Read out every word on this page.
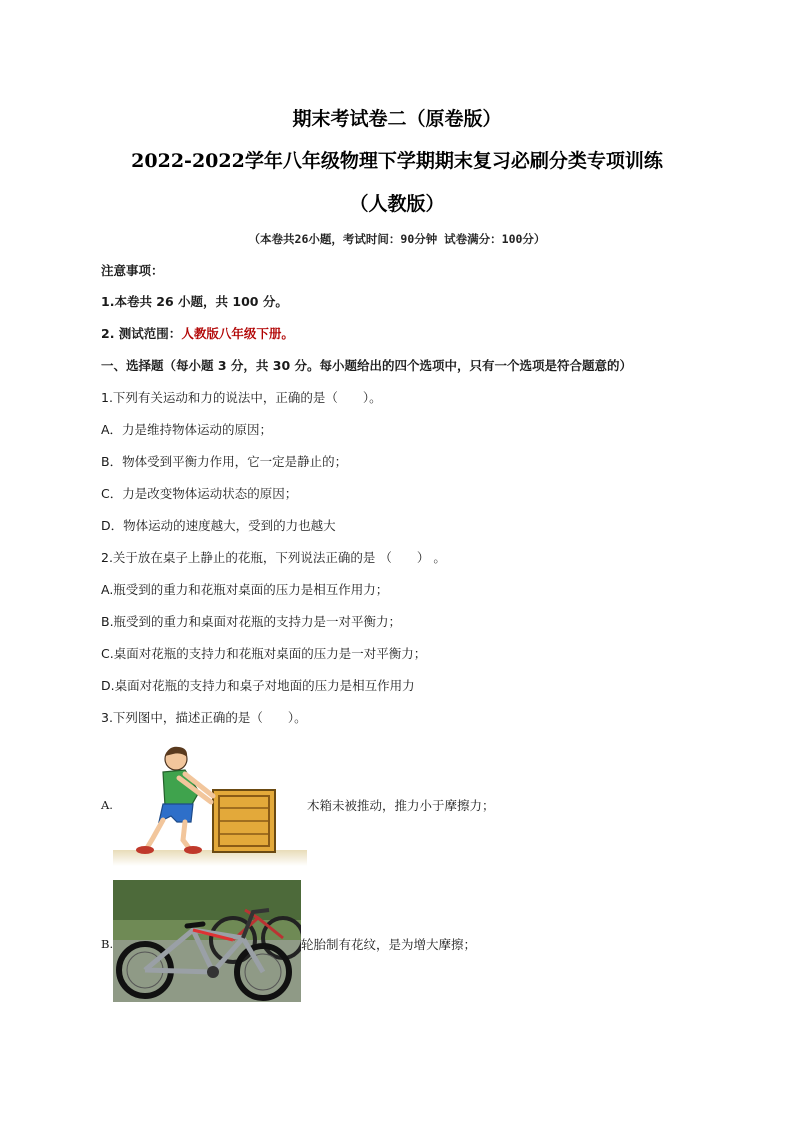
期末考试卷二（原卷版）
2022-2022学年八年级物理下学期期末复习必刷分类专项训练
（人教版）
（本卷共26小题，考试时间：90分钟 试卷满分：100分）
注意事项：
1.本卷共 26 小题，共 100 分。
2. 测试范围：人教版八年级下册。
一、选择题（每小题 3 分，共 30 分。每小题给出的四个选项中，只有一个选项是符合题意的）
1.下列有关运动和力的说法中，正确的是（　　）。
A．力是维持物体运动的原因；
B．物体受到平衡力作用，它一定是静止的；
C．力是改变物体运动状态的原因；
D．物体运动的速度越大，受到的力也越大
2.关于放在桌子上静止的花瓶，下列说法正确的是 （　　） 。
A.瓶受到的重力和花瓶对桌面的压力是相互作用力；
B.瓶受到的重力和桌面对花瓶的支持力是一对平衡力；
C.桌面对花瓶的支持力和花瓶对桌面的压力是一对平衡力；
D.桌面对花瓶的支持力和桌子对地面的压力是相互作用力
3.下列图中，描述正确的是（　　）。
A.	木箱未被推动，推力小于摩擦力；
B.	轮胎制有花纹，是为增大摩擦；
